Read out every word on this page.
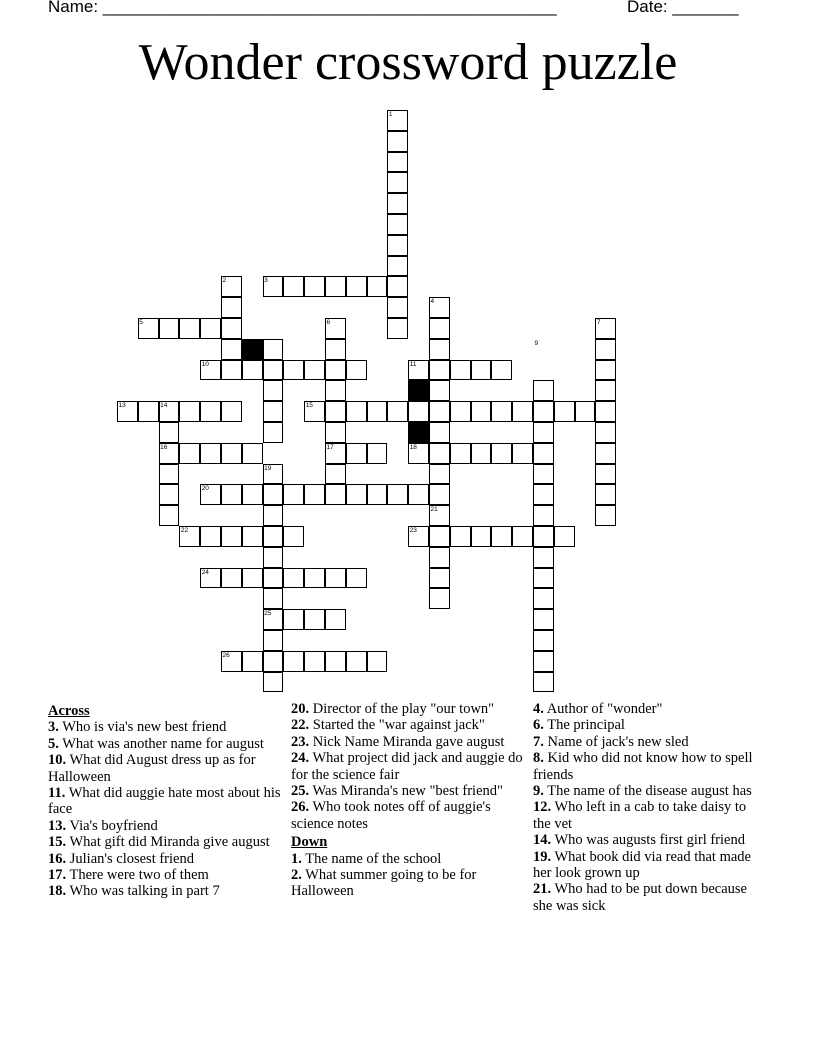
Name: ________________________________________________	Date: _______
Wonder crossword puzzle
1
2	3
4
5	6	7
8	9
10	11
12
13	14	15
16	17	18
19
20
21
22	23
24
25
26
Across
3. Who is via's new best friend
5. What was another name for august
10. What did August dress up as for Halloween
11. What did auggie hate most about his face
13. Via's boyfriend
15. What gift did Miranda give august
16. Julian's closest friend
17. There were two of them
18. Who was talking in part 7
20. Director of the play "our town"
22. Started the "war against jack"
23. Nick Name Miranda gave august
24. What project did jack and auggie do for the science fair
25. Was Miranda's new "best friend"
26. Who took notes off of auggie's science notes
Down
1. The name of the school
2. What summer going to be for Halloween
4. Author of "wonder"
6. The principal
7. Name of jack's new sled
8. Kid who did not know how to spell friends
9. The name of the disease august has
12. Who left in a cab to take daisy to the vet
14. Who was augusts first girl friend
19. What book did via read that made her look grown up
21. Who had to be put down because she was sick
